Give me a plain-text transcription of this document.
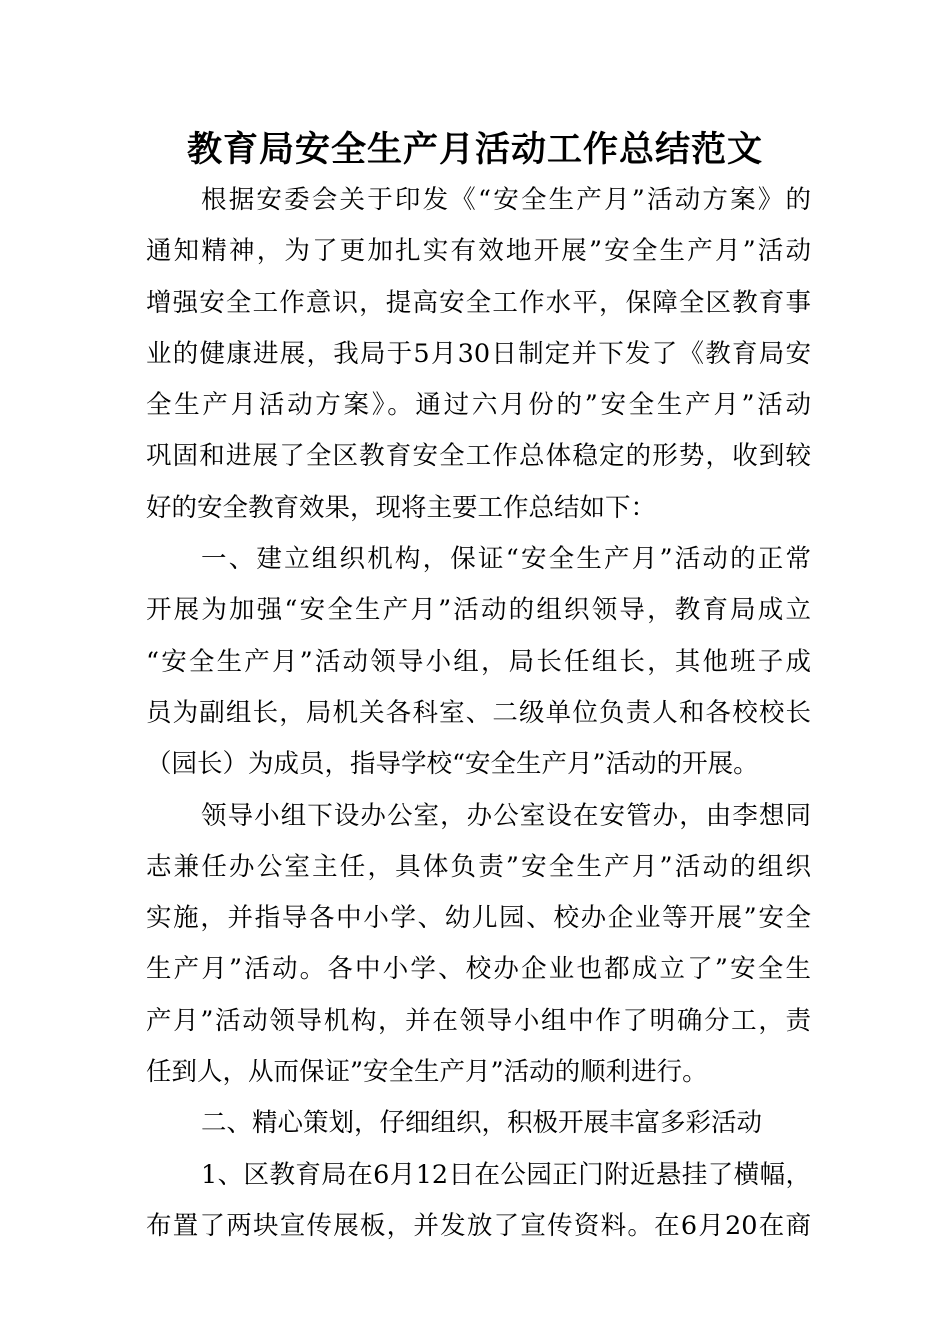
教育局安全生产月活动工作总结范文
根据安委会关于印发《“安全生产月”活动方案》的
通知精神，为了更加扎实有效地开展”安全生产月”活动
增强安全工作意识，提高安全工作水平，保障全区教育事
业的健康进展，我局于5月30日制定并下发了《教育局安
全生产月活动方案》。通过六月份的”安全生产月”活动
巩固和进展了全区教育安全工作总体稳定的形势，收到较
好的安全教育效果，现将主要工作总结如下：
一、建立组织机构，保证“安全生产月”活动的正常
开展为加强“安全生产月”活动的组织领导，教育局成立
“安全生产月”活动领导小组，局长任组长，其他班子成
员为副组长，局机关各科室、二级单位负责人和各校校长
（园长）为成员，指导学校“安全生产月”活动的开展。
领导小组下设办公室，办公室设在安管办，由李想同
志兼任办公室主任，具体负责”安全生产月”活动的组织
实施，并指导各中小学、幼儿园、校办企业等开展”安全
生产月”活动。各中小学、校办企业也都成立了”安全生
产月”活动领导机构，并在领导小组中作了明确分工，责
任到人，从而保证”安全生产月”活动的顺利进行。
二、精心策划，仔细组织，积极开展丰富多彩活动
1、区教育局在6月12日在公园正门附近悬挂了横幅，
布置了两块宣传展板，并发放了宣传资料。在6月20在商
